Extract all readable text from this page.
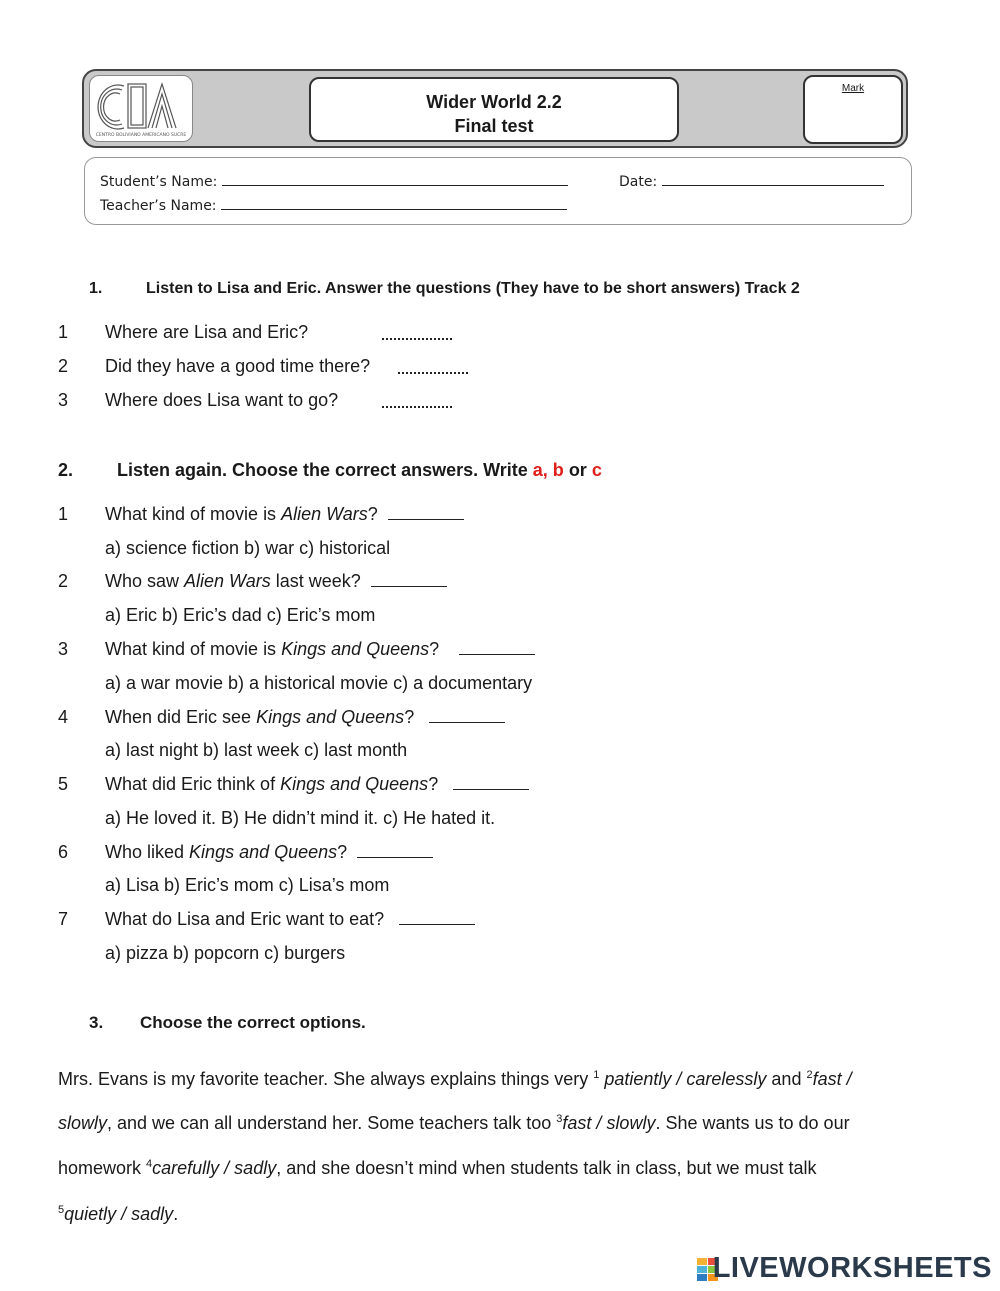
CENTRO BOLIVIANO AMERICANO SUCRE
Wider World 2.2
Final test
Mark
Student’s Name:	Date:
Teacher’s Name:
1.	Listen to Lisa and Eric. Answer the questions (They have to be short answers) Track 2
1 Where are Lisa and Eric?
2 Did they have a good time there?
3 Where does Lisa want to go?
2. Listen again. Choose the correct answers. Write a, b or c
1 What kind of movie is Alien Wars?
a) science fiction b) war c) historical
2 Who saw Alien Wars last week?
a) Eric b) Eric’s dad c) Eric’s mom
3 What kind of movie is Kings and Queens?
a) a war movie b) a historical movie c) a documentary
4 When did Eric see Kings and Queens?
a) last night b) last week c) last month
5 What did Eric think of Kings and Queens?
a) He loved it. B) He didn’t mind it. c) He hated it.
6 Who liked Kings and Queens?
a) Lisa b) Eric’s mom c) Lisa’s mom
7 What do Lisa and Eric want to eat?
a) pizza b) popcorn c) burgers
3. Choose the correct options.
Mrs. Evans is my favorite teacher. She always explains things very $^1$ patiently / carelessly and $^2$fast /
slowly, and we can all understand her. Some teachers talk too $^3$fast / slowly. She wants us to do our
homework $^4$carefully / sadly, and she doesn’t mind when students talk in class, but we must talk
$^5$quietly / sadly.
LIVEWORKSHEETS
